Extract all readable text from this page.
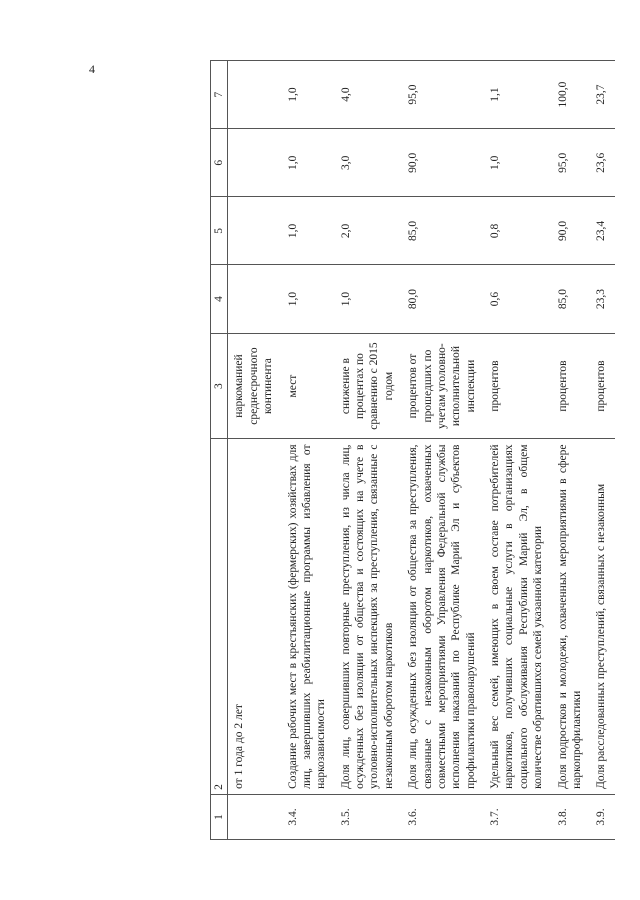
4
1	2	3	4	5	6	7
	от 1 года до 2 лет	наркоманией среднесрочного континента				
3.4.	Создание рабочих мест в крестьянских (фермерских) хозяйствах для лиц, завершивших реабилитационные программы избавления от наркозависимости	мест	1,0	1,0	1,0	1,0
3.5.	Доля лиц, совершивших повторные преступления, из числа лиц, осужденных без изоляции от общества и состоящих на учете в уголовно-исполнительных инспекциях за преступления, связанные с незаконным оборотом наркотиков	снижение в процентах по сравнению с 2015 годом	1,0	2,0	3,0	4,0
3.6.	Доля лиц, осужденных без изоляции от общества за преступления, связанные с незаконным оборотом наркотиков, охваченных совместными мероприятиями Управления Федеральной службы исполнения наказаний по Республике Марий Эл и субъектов профилактики правонарушений	процентов от прошедших по учетам уголовно-исполнительной инспекции	80,0	85,0	90,0	95,0
3.7.	Удельный вес семей, имеющих в своем составе потребителей наркотиков, получивших социальные услуги в организациях социального обслуживания Республики Марий Эл, в общем количестве обратившихся семей указанной категории	процентов	0,6	0,8	1,0	1,1
3.8.	Доля подростков и молодежи, охваченных мероприятиями в сфере наркопрофилактики	процентов	85,0	90,0	95,0	100,0
3.9.	Доля расследованных преступлений, связанных с незаконным	процентов	23,3	23,4	23,6	23,7
